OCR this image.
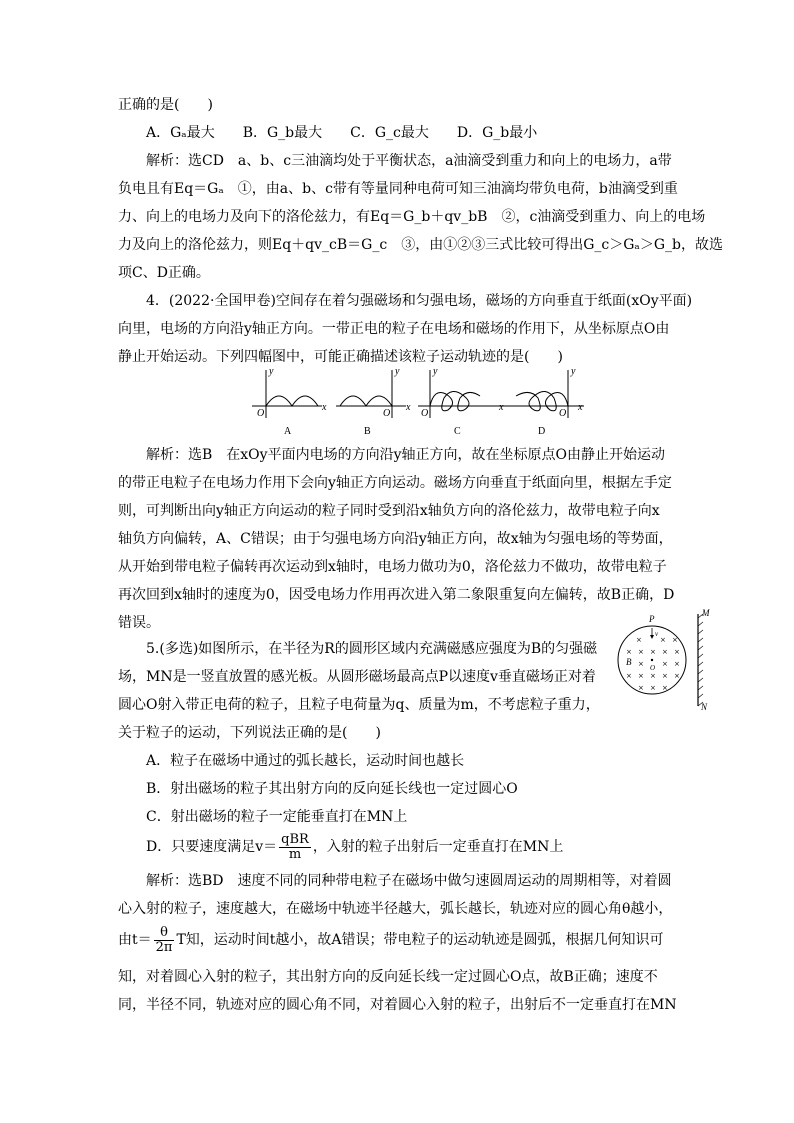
正确的是(　　)
A．Gₐ最大　　B．G_b最大　　C．G_c最大　　D．G_b最小
解析：选CD　a、b、c三油滴均处于平衡状态，a油滴受到重力和向上的电场力，a带
负电且有Eq＝Gₐ　①，由a、b、c带有等量同种电荷可知三油滴均带负电荷，b油滴受到重
力、向上的电场力及向下的洛伦兹力，有Eq＝G_b＋qv_bB　②，c油滴受到重力、向上的电场
力及向上的洛伦兹力，则Eq＋qv_cB＝G_c　③，由①②③三式比较可得出G_c＞Gₐ＞G_b，故选
项C、D正确。
4．(2022·全国甲卷)空间存在着匀强磁场和匀强电场，磁场的方向垂直于纸面(xOy平面)
向里，电场的方向沿y轴正方向。一带正电的粒子在电场和磁场的作用下，从坐标原点O由
静止开始运动。下列四幅图中，可能正确描述该粒子运动轨迹的是(　　)
O
x
y
O
x
y
O
x
y
O
x
y
A	B	C	D
解析：选B　在xOy平面内电场的方向沿y轴正方向，故在坐标原点O由静止开始运动
的带正电粒子在电场力作用下会向y轴正方向运动。磁场方向垂直于纸面向里，根据左手定
则，可判断出向y轴正方向运动的粒子同时受到沿x轴负方向的洛伦兹力，故带电粒子向x
轴负方向偏转，A、C错误；由于匀强电场方向沿y轴正方向，故x轴为匀强电场的等势面，
从开始到带电粒子偏转再次运动到x轴时，电场力做功为0，洛伦兹力不做功，故带电粒子
再次回到x轴时的速度为0，因受电场力作用再次进入第二象限重复向左偏转，故B正确，D
错误。
5.(多选)如图所示，在半径为R的圆形区域内充满磁感应强度为B的匀强磁
场，MN是一竖直放置的感光板。从圆形磁场最高点P以速度v垂直磁场正对着
圆心O射入带正电荷的粒子，且粒子电荷量为q、质量为m，不考虑粒子重力，
关于粒子的运动，下列说法正确的是(　　)
×	× ×
× × × × ×
×	× ×
× × × × ×
× × ×
P
v
B
O
M
N
A．粒子在磁场中通过的弧长越长，运动时间也越长
B．射出磁场的粒子其出射方向的反向延长线也一定过圆心O
C．射出磁场的粒子一定能垂直打在MN上
D．只要速度满足$v= \frac{\text{qBR}}{m}$ ，入射的粒子出射后一定垂直打在MN上
解析：选BD　速度不同的同种带电粒子在磁场中做匀速圆周运动的周期相等，对着圆
心入射的粒子，速度越大，在磁场中轨迹半径越大，弧长越长，轨迹对应的圆心角θ越小，
由$t= \frac{\theta}{2\pi}$ T知，运动时间t越小，故A错误；带电粒子的运动轨迹是圆弧，根据几何知识可
知，对着圆心入射的粒子，其出射方向的反向延长线一定过圆心O点，故B正确；速度不
同，半径不同，轨迹对应的圆心角不同，对着圆心入射的粒子，出射后不一定垂直打在MN
